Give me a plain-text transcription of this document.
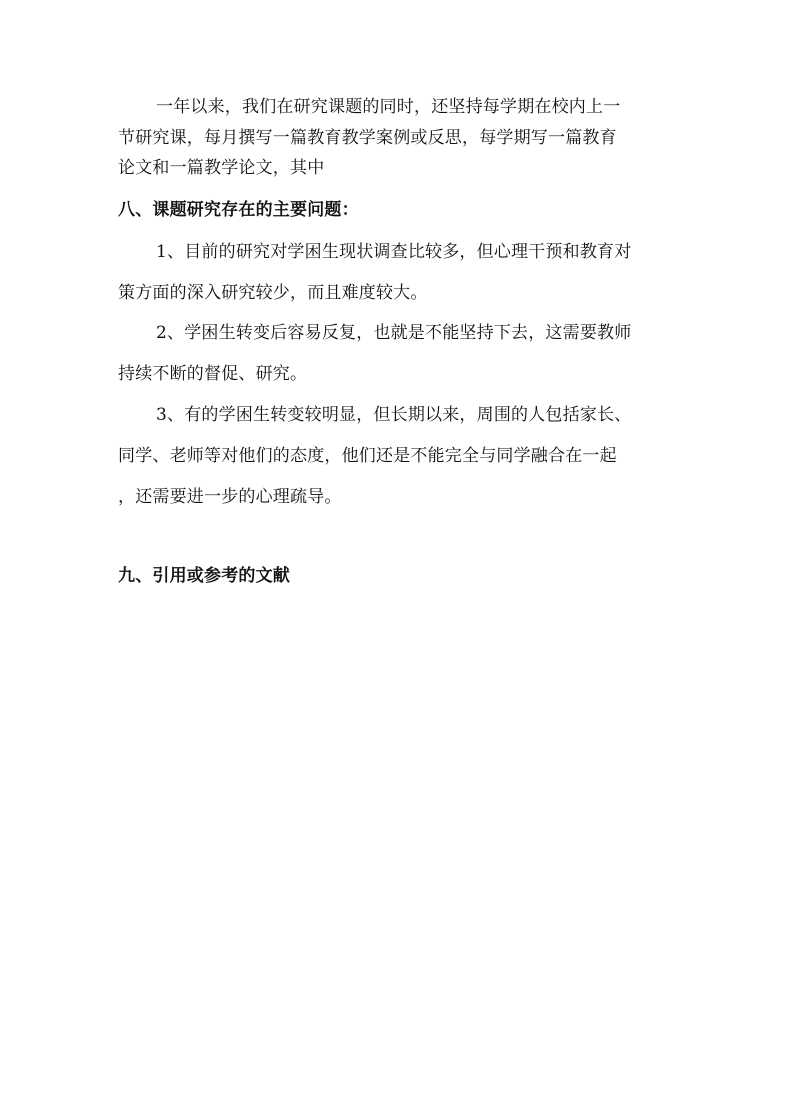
一年以来，我们在研究课题的同时，还坚持每学期在校内上一
节研究课，每月撰写一篇教育教学案例或反思，每学期写一篇教育
论文和一篇教学论文，其中
八、课题研究存在的主要问题：
1、目前的研究对学困生现状调查比较多，但心理干预和教育对
策方面的深入研究较少，而且难度较大。
2、学困生转变后容易反复，也就是不能坚持下去，这需要教师
持续不断的督促、研究。
3、有的学困生转变较明显，但长期以来，周围的人包括家长、
同学、老师等对他们的态度，他们还是不能完全与同学融合在一起
，还需要进一步的心理疏导。
九、引用或参考的文献
